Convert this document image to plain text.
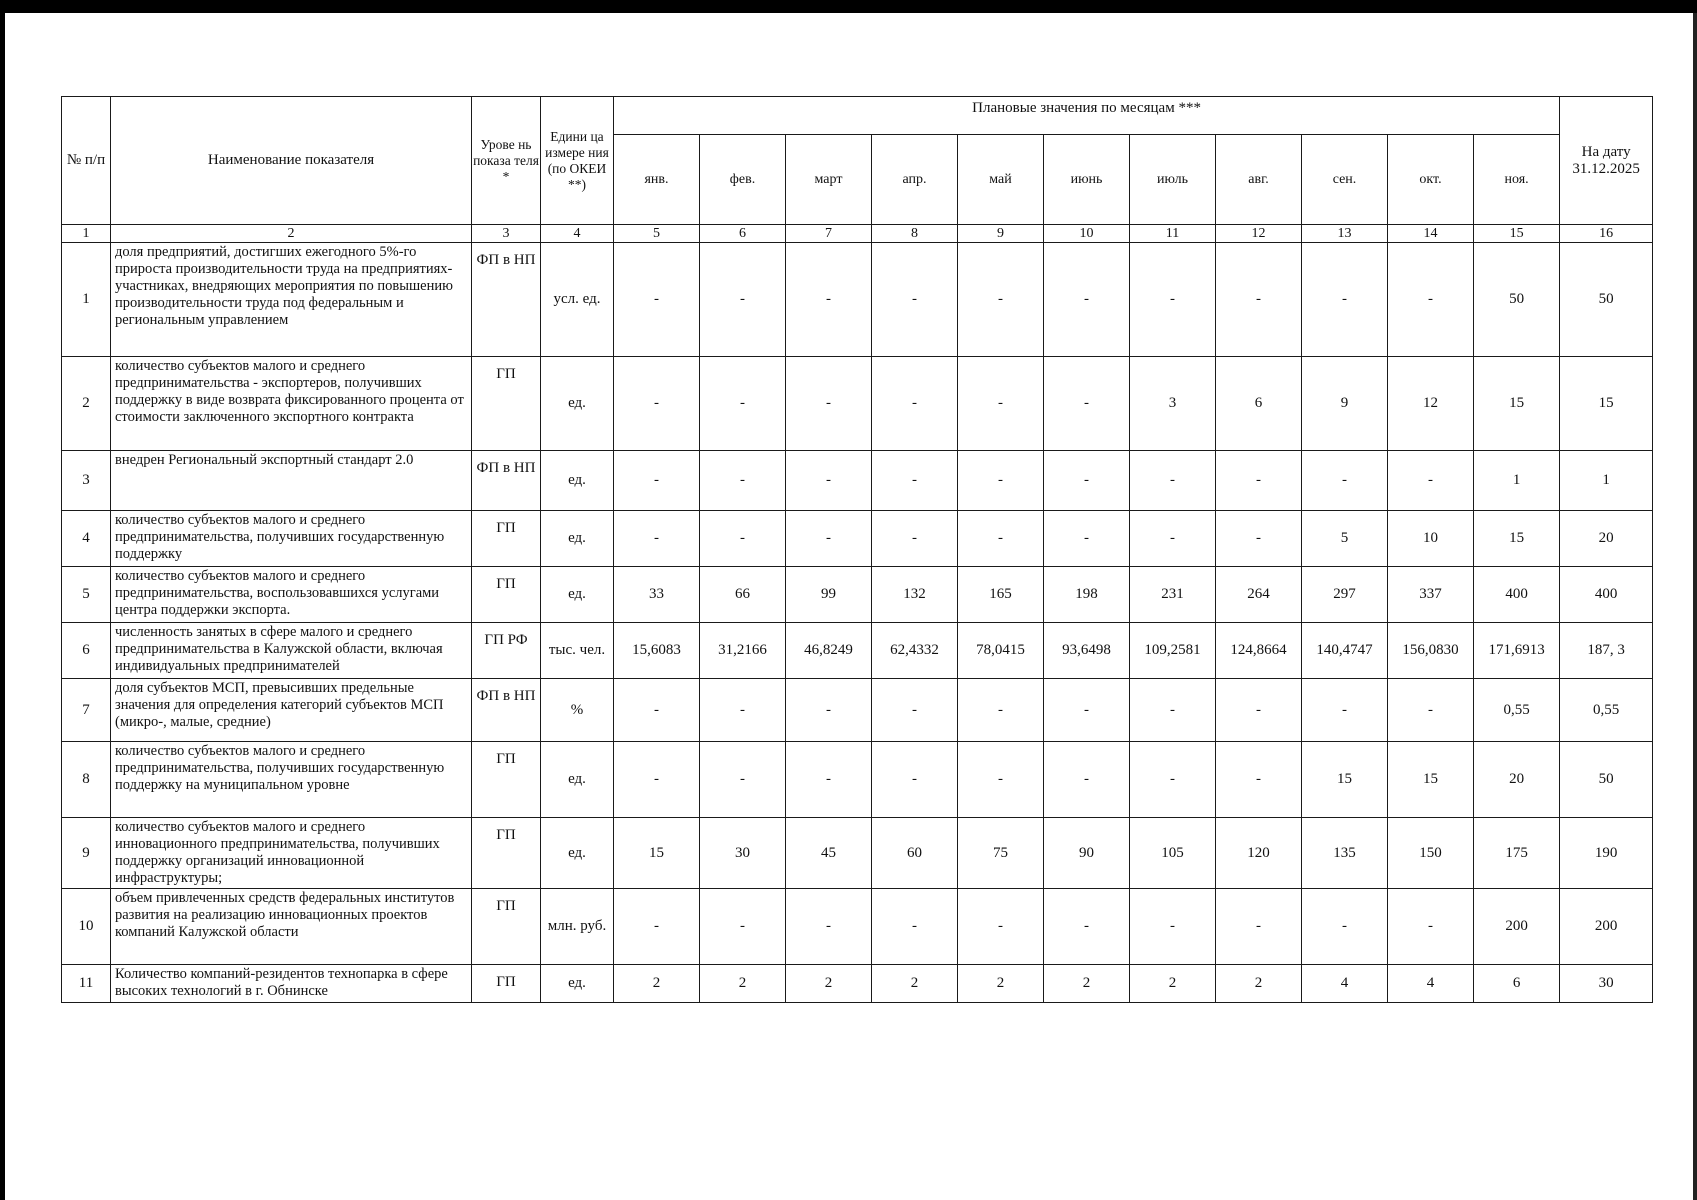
№ п/п	Наименование показателя	Урове нь показа теля *	Едини ца измере ния (по ОКЕИ **)	Плановые значения по месяцам ***											На дату 31.12.2025
				янв.	фев.	март	апр.	май	июнь	июль	авг.	сен.	окт.	ноя.	
1	2	3	4	5	6	7	8	9	10	11	12	13	14	15	16
1	доля предприятий, достигших ежегодного 5%-го прироста производительности труда на предприятиях-участниках, внедряющих мероприятия по повышению производительности труда под федеральным и региональным управлением	ФП в НП	усл. ед.	-	-	-	-	-	-	-	-	-	-	50	50
2	количество субъектов малого и среднего предпринимательства - экспортеров, получивших поддержку в виде возврата фиксированного процента от стоимости заключенного экспортного контракта	ГП	ед.	-	-	-	-	-	-	3	6	9	12	15	15
3	внедрен Региональный экспортный стандарт 2.0	ФП в НП	ед.	-	-	-	-	-	-	-	-	-	-	1	1
4	количество субъектов малого и среднего предпринимательства, получивших государственную поддержку	ГП	ед.	-	-	-	-	-	-	-	-	5	10	15	20
5	количество субъектов малого и среднего предпринимательства, воспользовавшихся услугами центра поддержки экспорта.	ГП	ед.	33	66	99	132	165	198	231	264	297	337	400	400
6	численность занятых в сфере малого и среднего предпринимательства в Калужской области, включая индивидуальных предпринимателей	ГП РФ	тыс. чел.	15,6083	31,2166	46,8249	62,4332	78,0415	93,6498	109,2581	124,8664	140,4747	156,0830	171,6913	187, 3
7	доля субъектов МСП, превысивших предельные значения для определения категорий субъектов МСП (микро-, малые, средние)	ФП в НП	%	-	-	-	-	-	-	-	-	-	-	0,55	0,55
8	количество субъектов малого и среднего предпринимательства, получивших государственную поддержку на муниципальном уровне	ГП	ед.	-	-	-	-	-	-	-	-	15	15	20	50
9	количество субъектов малого и среднего инновационного предпринимательства, получивших поддержку организаций инновационной инфраструктуры;	ГП	ед.	15	30	45	60	75	90	105	120	135	150	175	190
10	объем привлеченных средств федеральных институтов развития на реализацию инновационных проектов компаний Калужской области	ГП	млн. руб.	-	-	-	-	-	-	-	-	-	-	200	200
11	Количество компаний-резидентов технопарка в сфере высоких технологий в г. Обнинске	ГП	ед.	2	2	2	2	2	2	2	2	4	4	6	30
